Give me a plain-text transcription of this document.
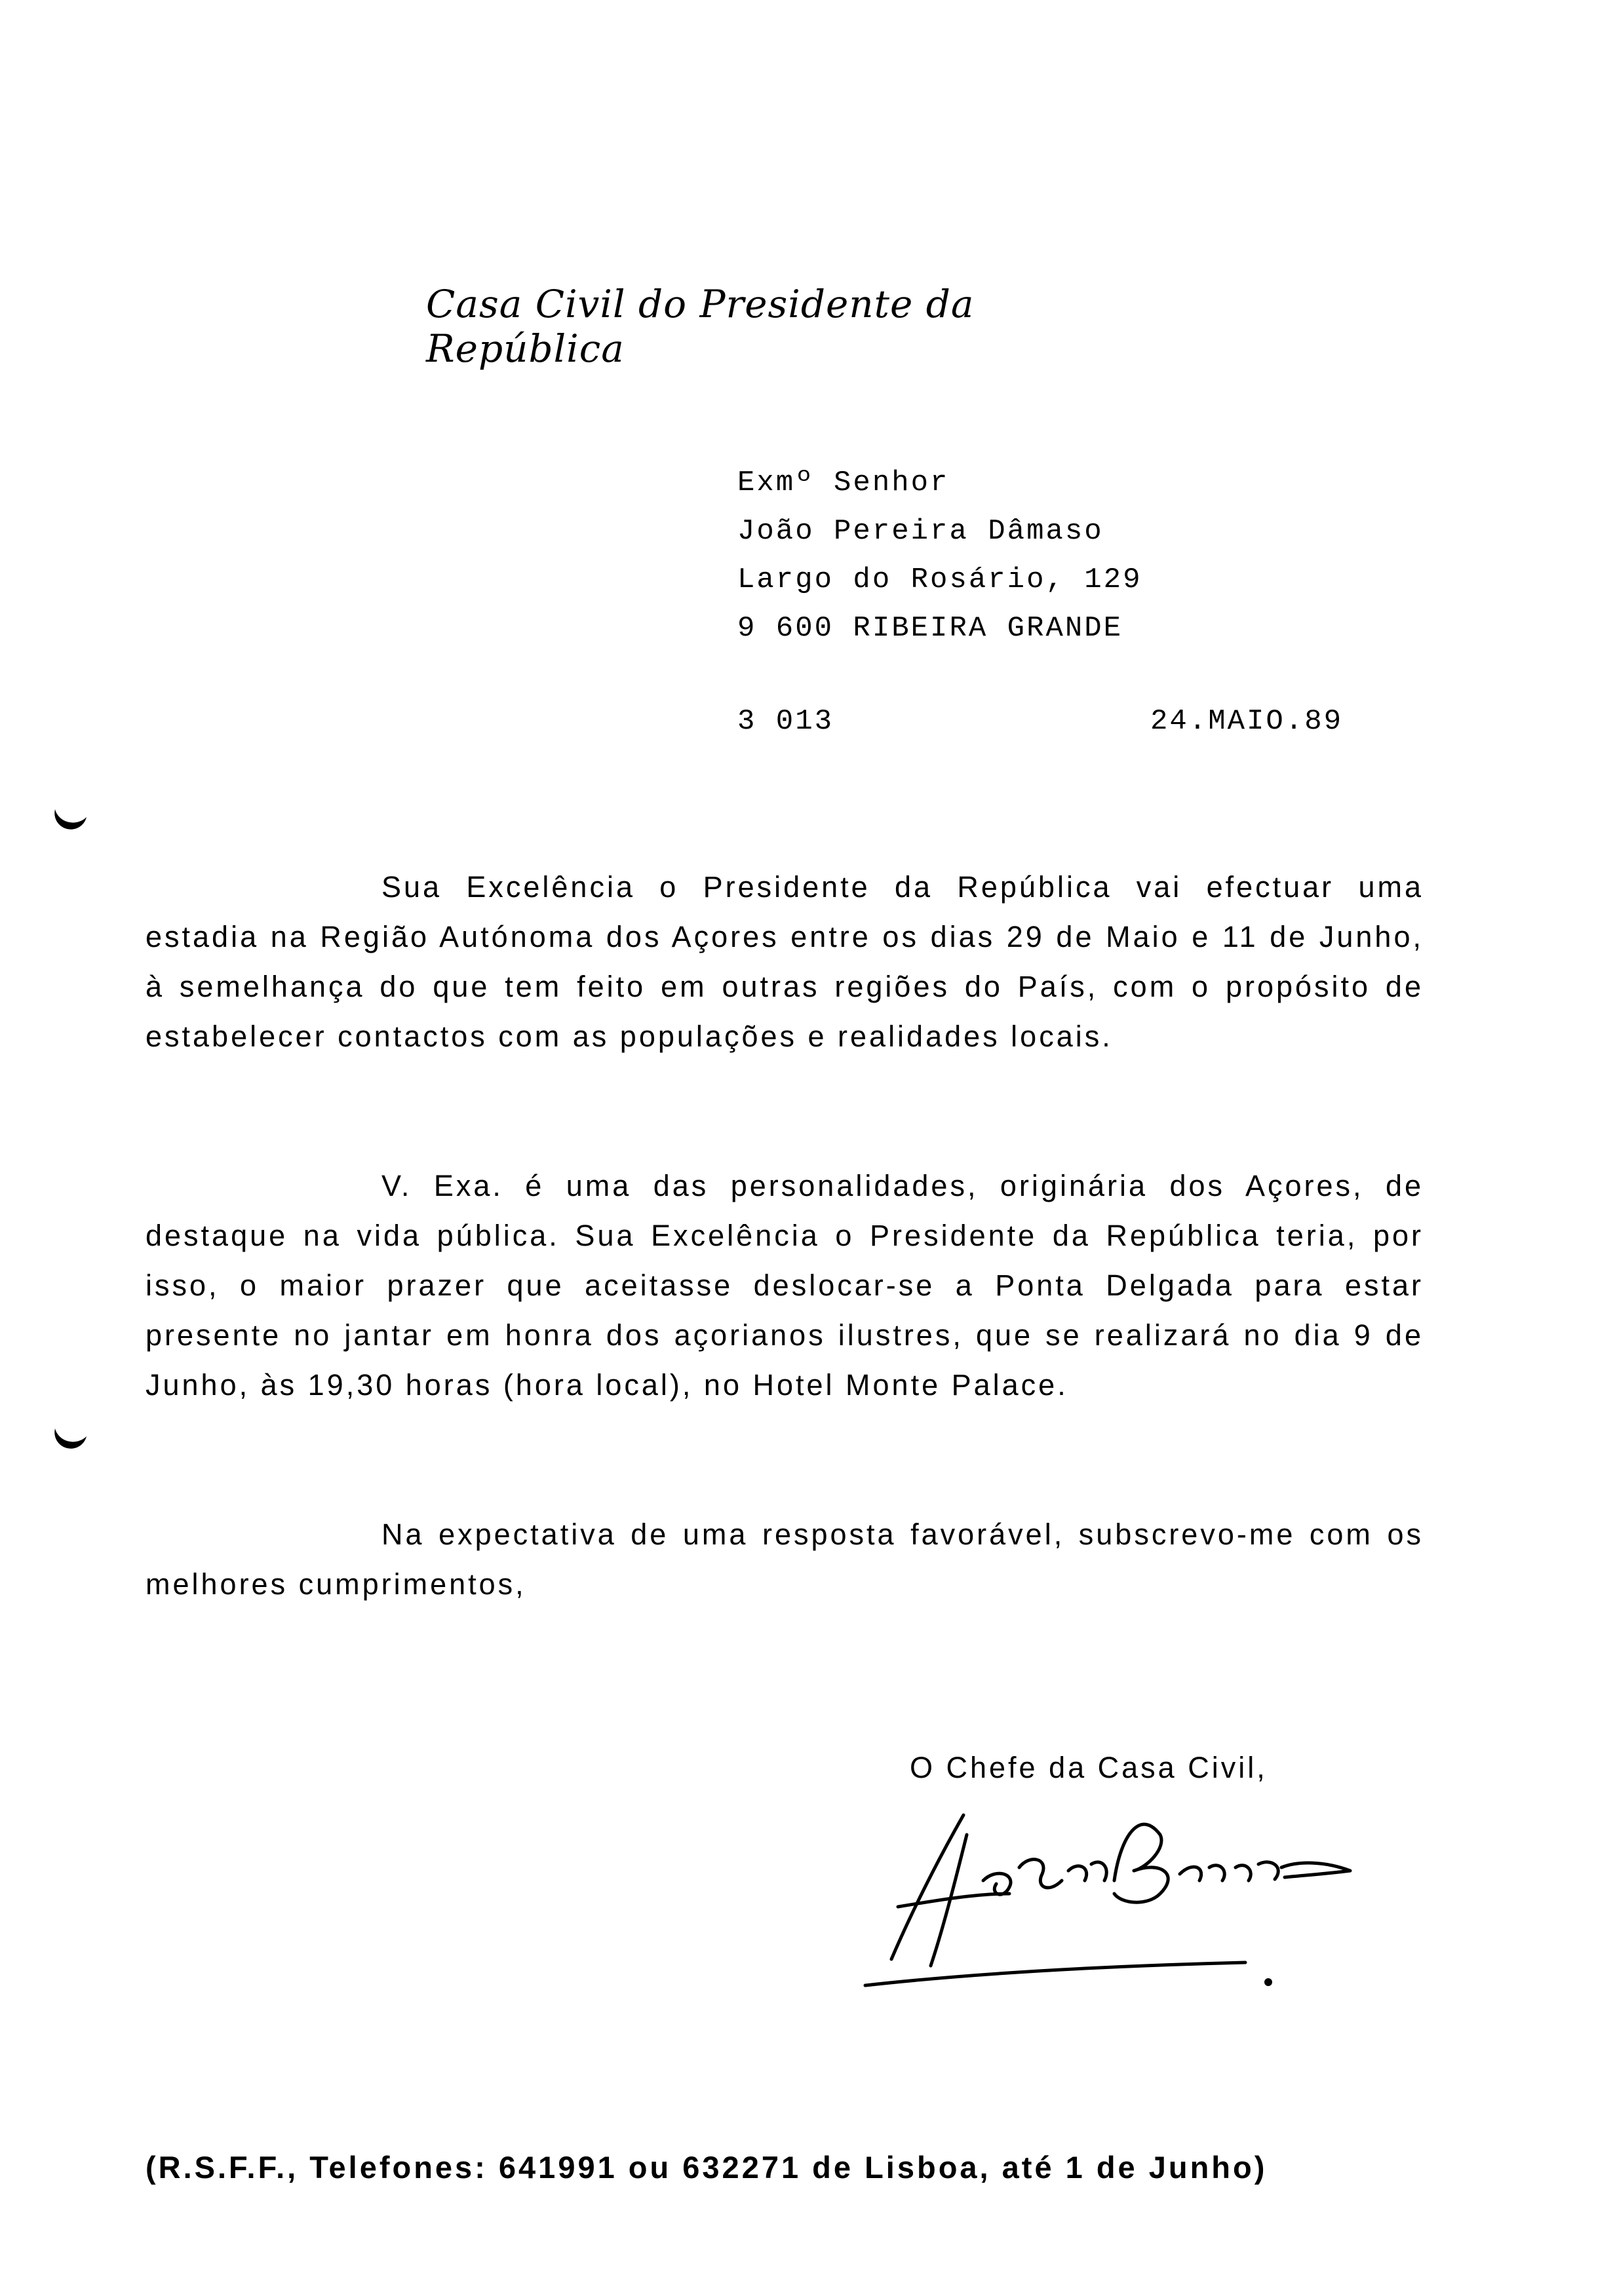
Casa Civil do Presidente da República
Exmº Senhor
João Pereira Dâmaso
Largo do Rosário, 129
9 600 RIBEIRA GRANDE
3 013	24.MAIO.89
Sua Excelência o Presidente da República vai efectuar uma estadia na Região Autónoma dos Açores entre os dias 29 de Maio e 11 de Junho, à semelhança do que tem feito em outras regiões do País, com o propósito de estabelecer contactos com as populações e realidades locais.
V. Exa. é uma das personalidades, originária dos Açores, de destaque na vida pública. Sua Excelência o Presidente da República teria, por isso, o maior prazer que aceitasse deslocar-se a Ponta Delgada para estar presente no jantar em honra dos açorianos ilustres, que se realizará no dia 9 de Junho, às 19,30 horas (hora local), no Hotel Monte Palace.
Na expectativa de uma resposta favorável, subscrevo-me com os melhores cumprimentos,
O Chefe da Casa Civil,
(R.S.F.F., Telefones: 641991 ou 632271 de Lisboa, até 1 de Junho)
